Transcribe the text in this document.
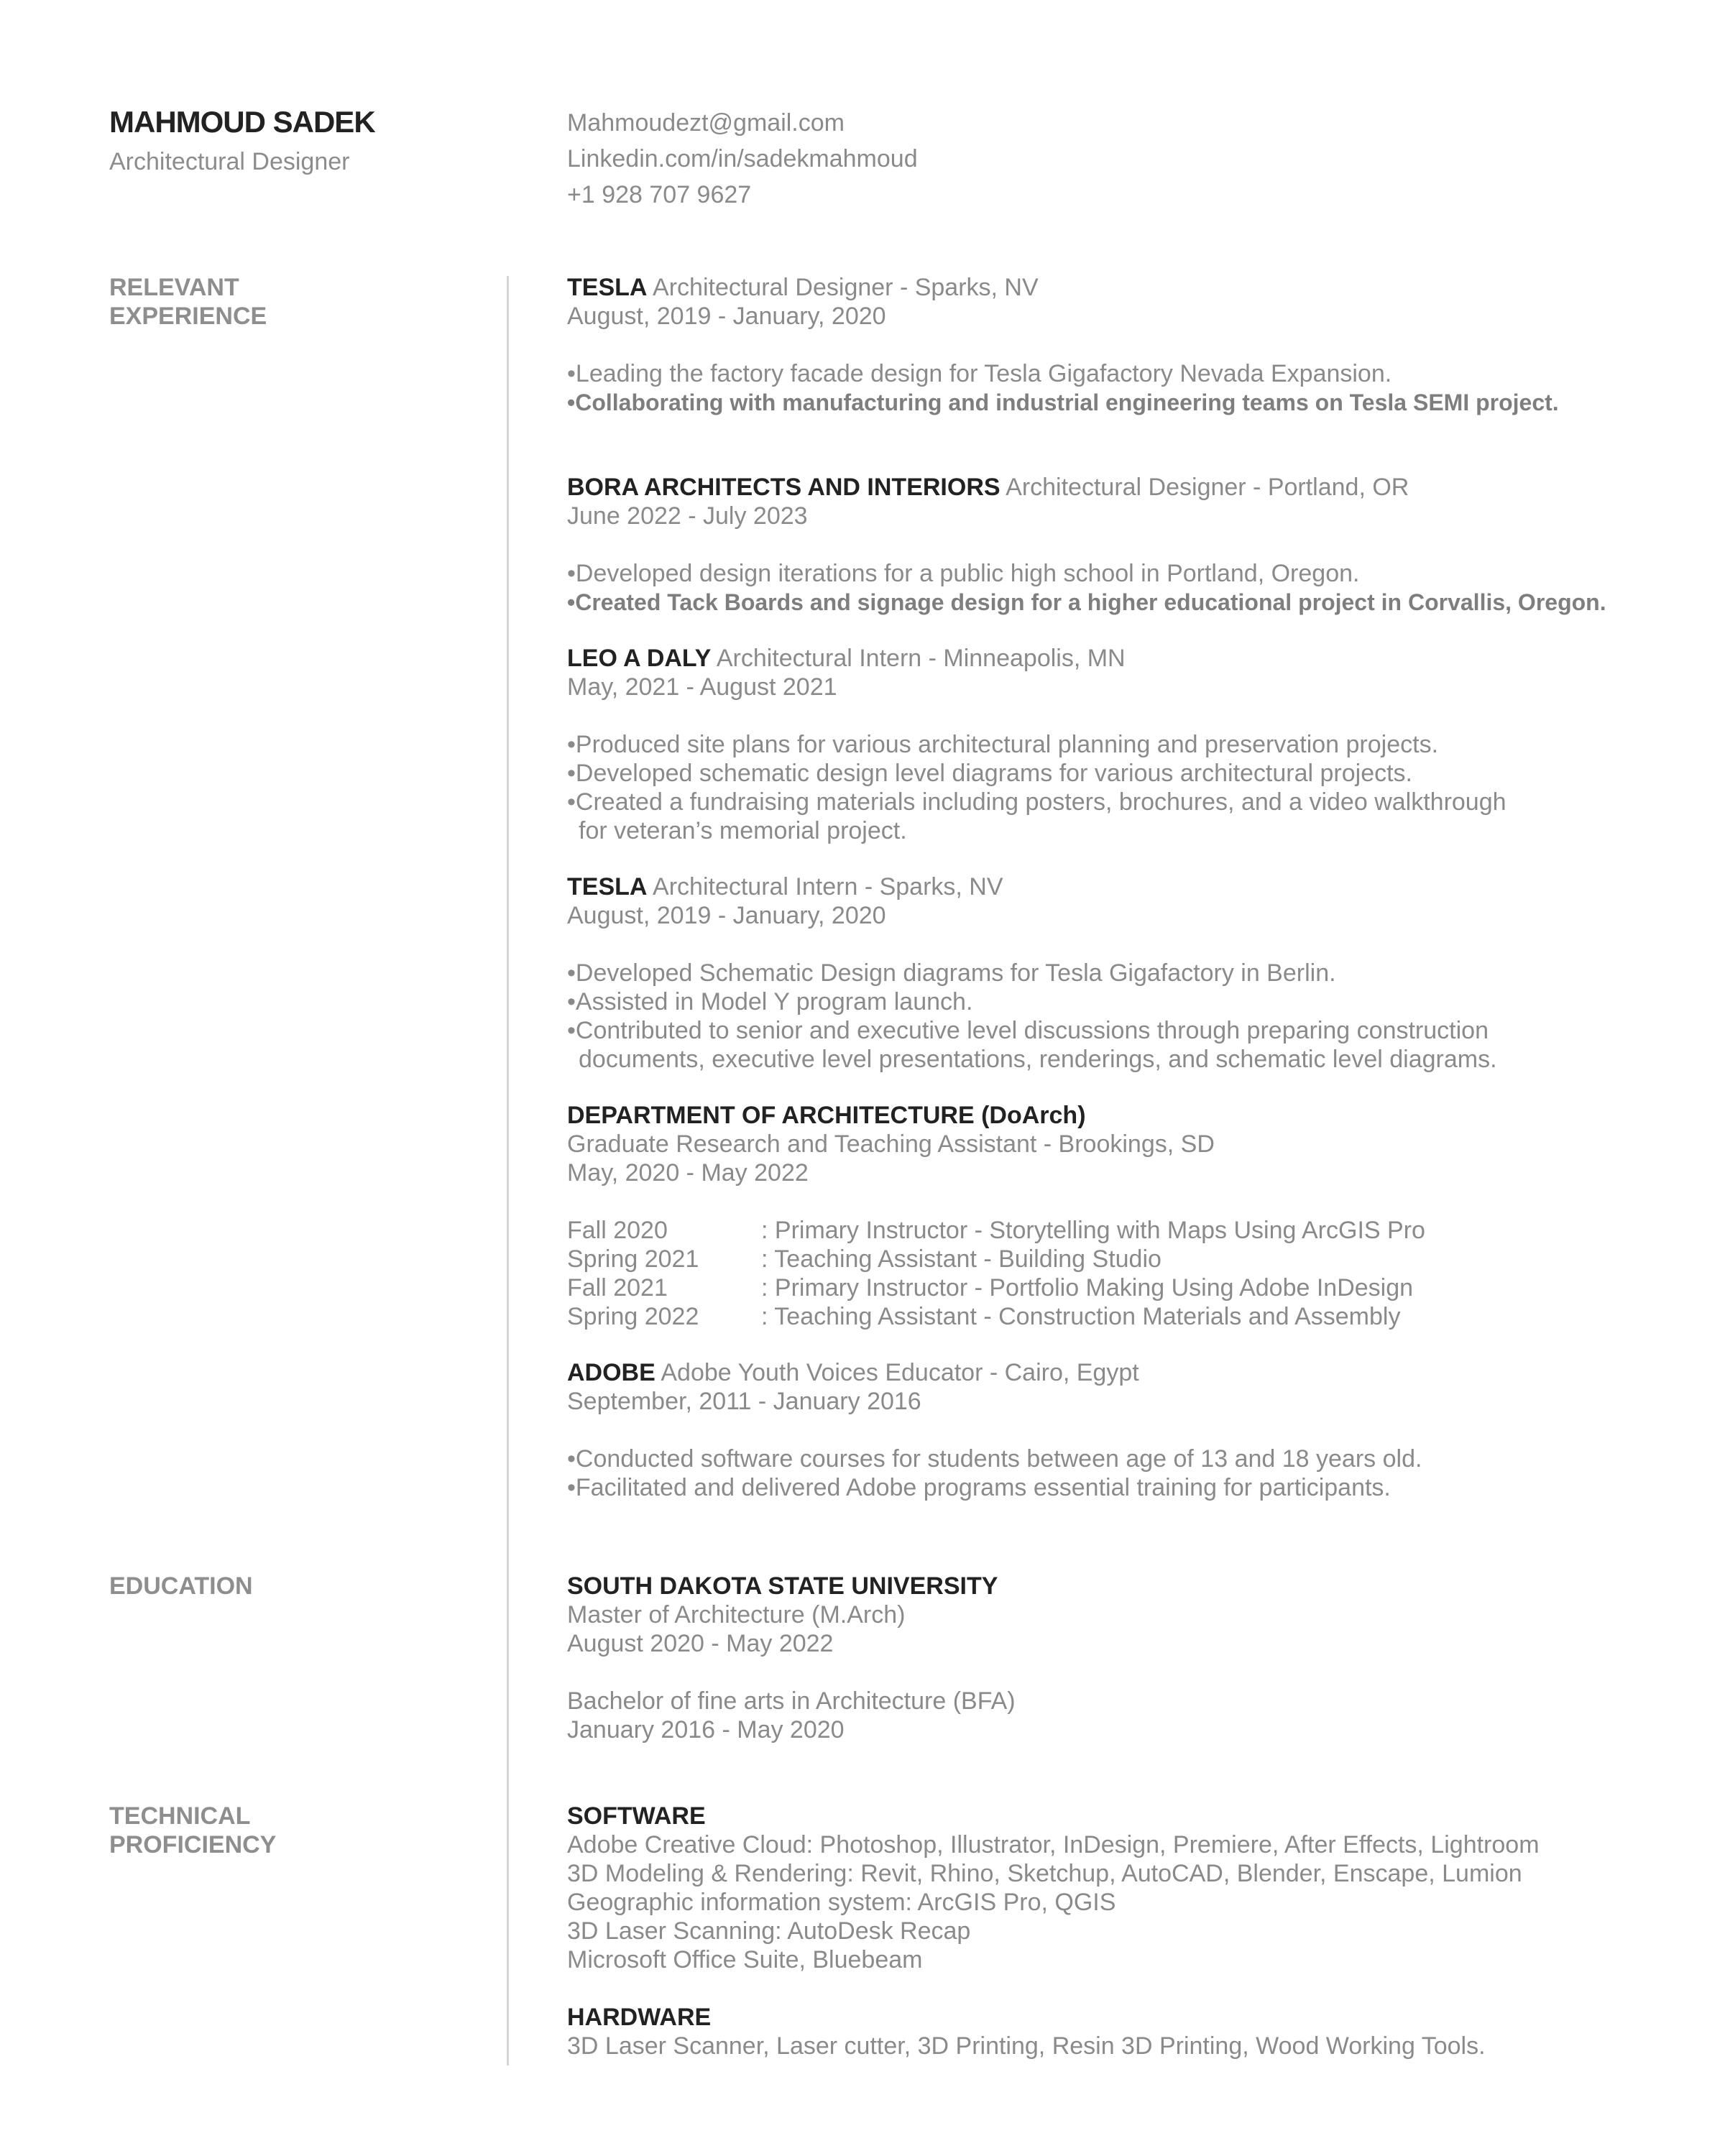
MAHMOUD SADEK
Architectural Designer
Mahmoudezt@gmail.com
Linkedin.com/in/sadekmahmoud
+1 928 707 9627
RELEVANT
EXPERIENCE
EDUCATION
TECHNICAL
PROFICIENCY
TESLA Architectural Designer - Sparks, NV
August, 2019 - January, 2020
•Leading the factory facade design for Tesla Gigafactory Nevada Expansion.
•Collaborating with manufacturing and industrial engineering teams on Tesla SEMI project.
BORA ARCHITECTS AND INTERIORS Architectural Designer - Portland, OR
June 2022 - July 2023
•Developed design iterations for a public high school in Portland, Oregon.
•Created Tack Boards and signage design for a higher educational project in Corvallis, Oregon.
LEO A DALY Architectural Intern - Minneapolis, MN
May, 2021 - August 2021
•Produced site plans for various architectural planning and preservation projects.
•Developed schematic design level diagrams for various architectural projects.
•Created a fundraising materials including posters, brochures, and a video walkthrough
for veteran’s memorial project.
TESLA Architectural Intern - Sparks, NV
August, 2019 - January, 2020
•Developed Schematic Design diagrams for Tesla Gigafactory in Berlin.
•Assisted in Model Y program launch.
•Contributed to senior and executive level discussions through preparing construction
documents, executive level presentations, renderings, and schematic level diagrams.
DEPARTMENT OF ARCHITECTURE (DoArch)
Graduate Research and Teaching Assistant - Brookings, SD
May, 2020 - May 2022
Fall 2020	: Primary Instructor - Storytelling with Maps Using ArcGIS Pro
Spring 2021	: Teaching Assistant - Building Studio
Fall 2021	: Primary Instructor - Portfolio Making Using Adobe InDesign
Spring 2022	: Teaching Assistant - Construction Materials and Assembly
ADOBE Adobe Youth Voices Educator - Cairo, Egypt
September, 2011 - January 2016
•Conducted software courses for students between age of 13 and 18 years old.
•Facilitated and delivered Adobe programs essential training for participants.
SOUTH DAKOTA STATE UNIVERSITY
Master of Architecture (M.Arch)
August 2020 - May 2022
Bachelor of fine arts in Architecture (BFA)
January 2016 - May 2020
SOFTWARE
Adobe Creative Cloud: Photoshop, Illustrator, InDesign, Premiere, After Effects, Lightroom
3D Modeling & Rendering: Revit, Rhino, Sketchup, AutoCAD, Blender, Enscape, Lumion
Geographic information system: ArcGIS Pro, QGIS
3D Laser Scanning: AutoDesk Recap
Microsoft Office Suite, Bluebeam
HARDWARE
3D Laser Scanner, Laser cutter, 3D Printing, Resin 3D Printing, Wood Working Tools.
